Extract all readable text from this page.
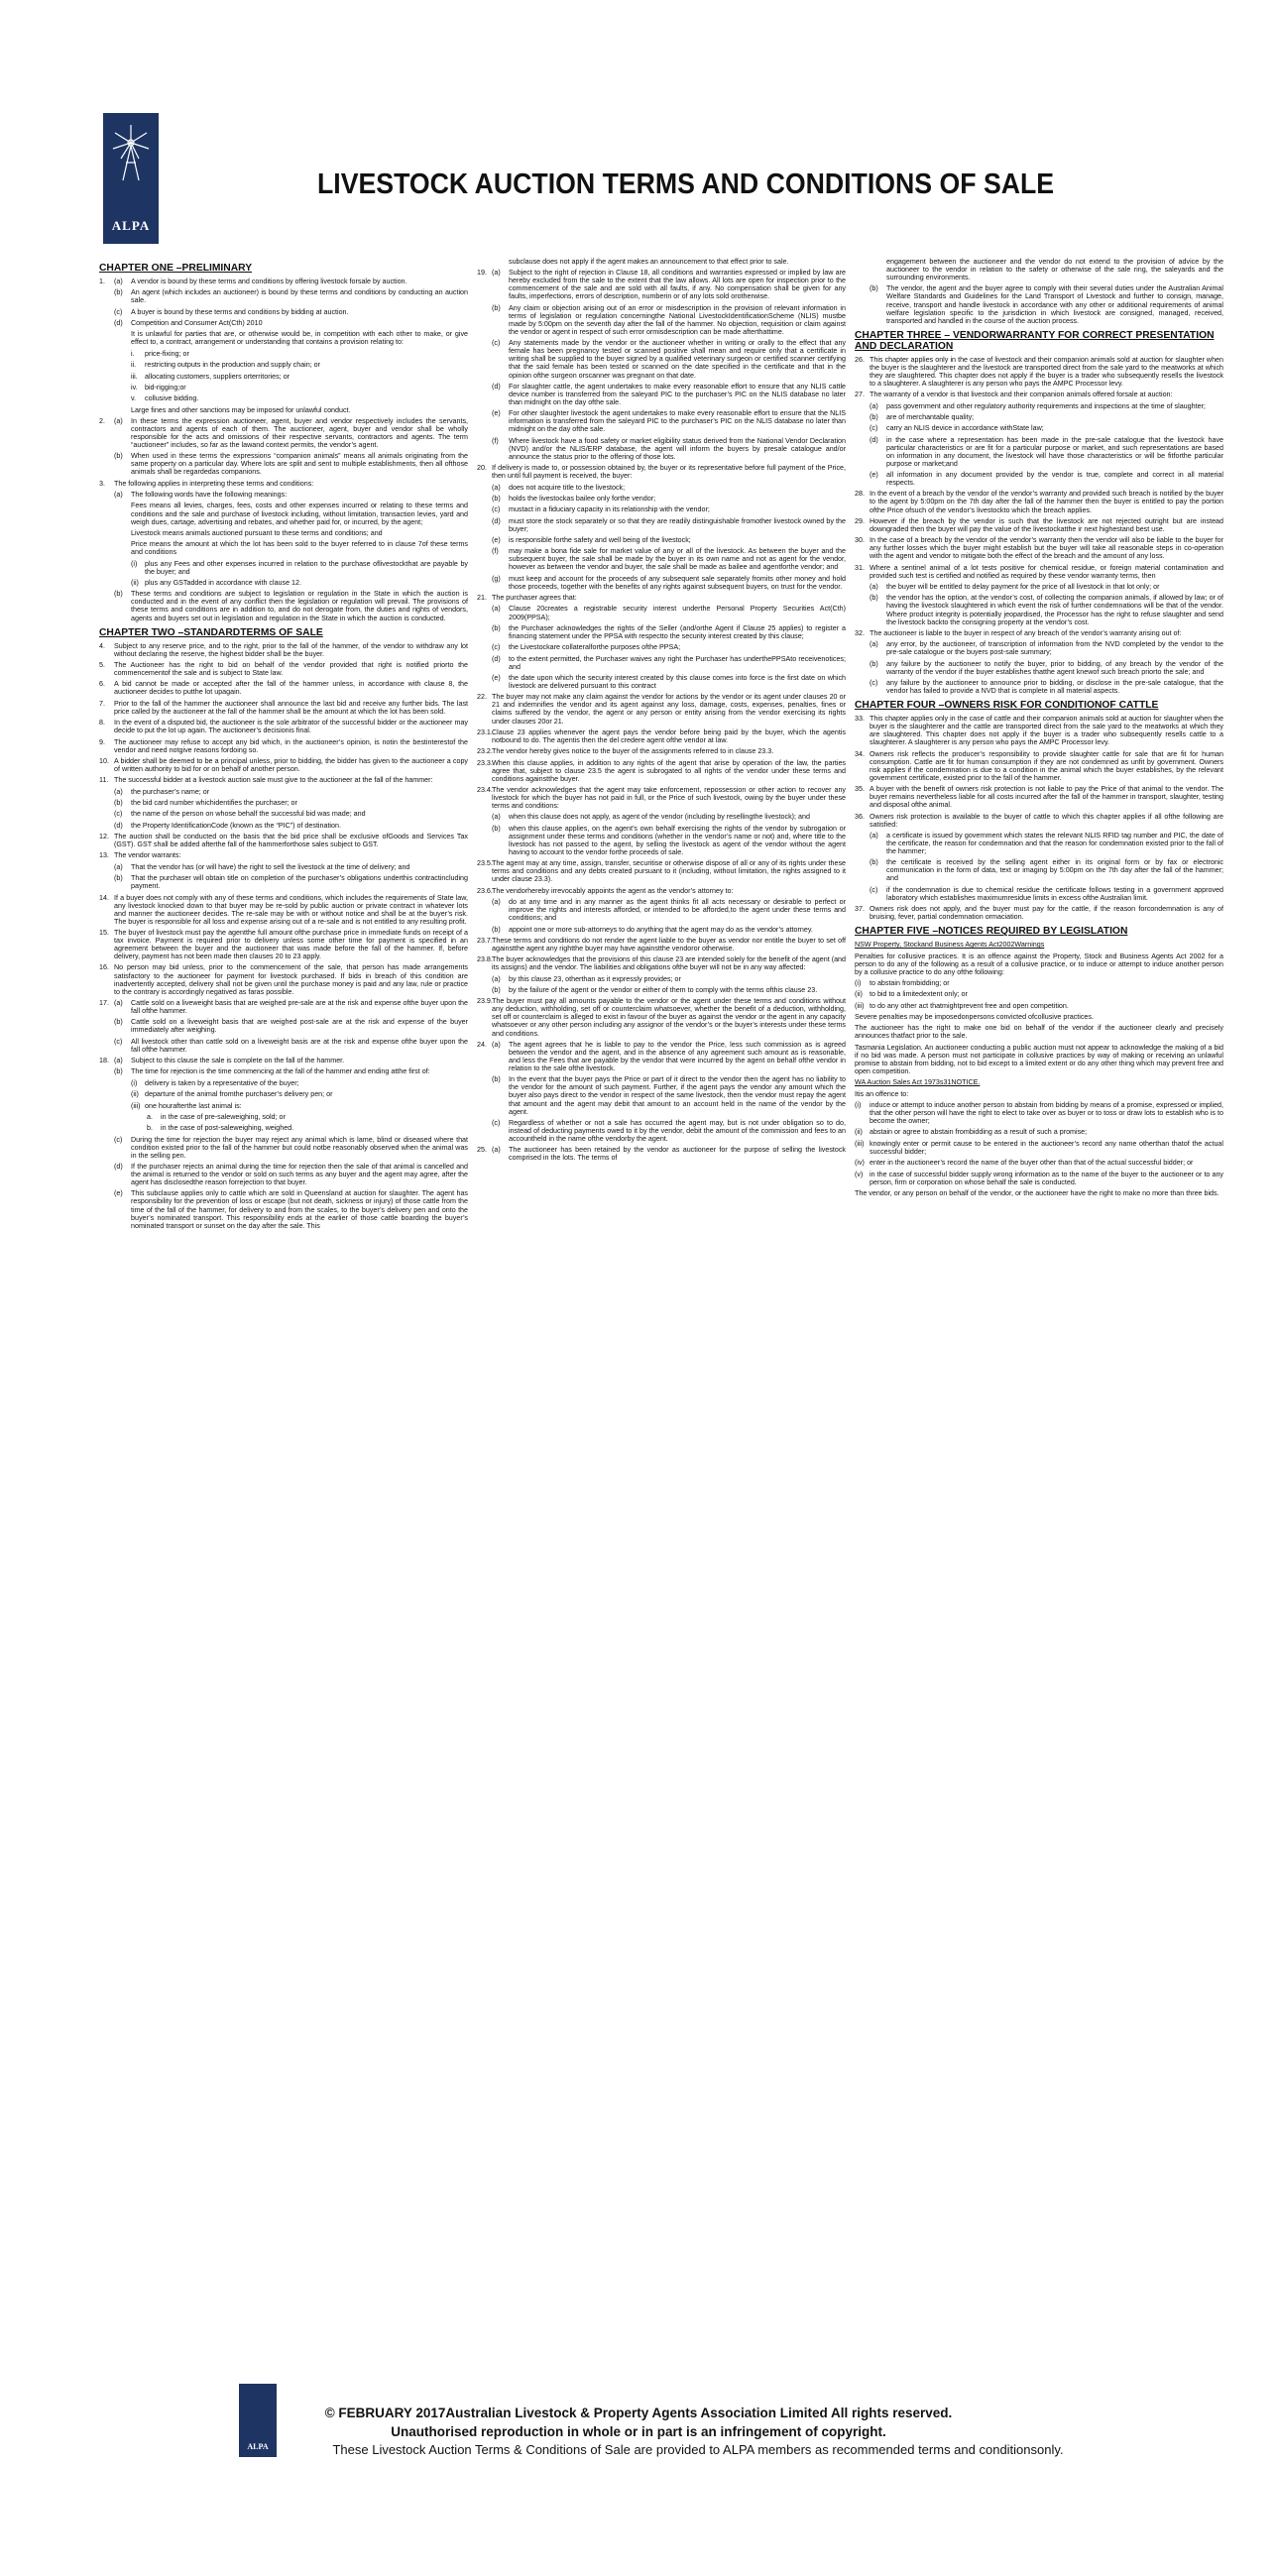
ALPA
LIVESTOCK AUCTION TERMS AND CONDITIONS OF SALE
CHAPTER ONE –PRELIMINARY
1.	(a)	A vendor is bound by these terms and conditions by offering livestock forsale by auction.
(b)	An agent (which includes an auctioneer) is bound by these terms and conditions by conducting an auction sale.
(c)	A buyer is bound by these terms and conditions by bidding at auction.
(d)	Competition and Consumer Act(Cth) 2010
It is unlawful for parties that are, or otherwise would be, in competition with each other to make, or give effect to, a contract, arrangement or understanding that contains a provision relating to:
i.	price-fixing; or
ii.	restricting outputs in the production and supply chain; or
iii.	allocating customers, suppliers orterritories; or
iv.	bid-rigging;or
v.	collusive bidding.
Large fines and other sanctions may be imposed for unlawful conduct.
2.	(a)	In these terms the expression auctioneer, agent, buyer and vendor respectively includes the servants, contractors and agents of each of them. The auctioneer, agent, buyer and vendor shall be wholly responsible for the acts and omissions of their respective servants, contractors and agents. The term “auctioneer” includes, so far as the lawand context permits, the vendor’s agent.
(b)	When used in these terms the expressions “companion animals” means all animals originating from the same property on a particular day. Where lots are split and sent to multiple establishments, then all ofthose animals shall be regardedas companions.
3.	The following applies in interpreting these terms and conditions:
(a)	The following words have the following meanings:
Fees means all levies, charges, fees, costs and other expenses incurred or relating to these terms and conditions and the sale and purchase of livestock including, without limitation, transaction levies, yard and weigh dues, cartage, advertising and rebates, and whether paid for, or incurred, by the agent;
Livestock means animals auctioned pursuant to these terms and conditions; and
Price means the amount at which the lot has been sold to the buyer referred to in clause 7of these terms and conditions
(i)	plus any Fees and other expenses incurred in relation to the purchase oflivestockthat are payable by the buyer; and
(ii) plus any GSTadded in accordance with clause 12.
(b)	These terms and conditions are subject to legislation or regulation in the State in which the auction is conducted and in the event of any conflict then the legislation or regulation will prevail. The provisions of these terms and conditions are in addition to, and do not derogate from, the duties and rights of vendors, agents and buyers set out in legislation and regulation in the State in which the auction is conducted.
CHAPTER TWO –STANDARDTERMS OF SALE
4.	Subject to any reserve price, and to the right, prior to the fall of the hammer, of the vendor to withdraw any lot without declaring the reserve, the highest bidder shall be the buyer.
5.	The Auctioneer has the right to bid on behalf of the vendor provided that right is notified priorto the commencementof the sale and is subject to State law.
6.	A bid cannot be made or accepted after the fall of the hammer unless, in accordance with clause 8, the auctioneer decides to putthe lot upagain.
7.	Prior to the fall of the hammer the auctioneer shall announce the last bid and receive any further bids. The last price called by the auctioneer at the fall of the hammer shall be the amount at which the lot has been sold.
8.	In the event of a disputed bid, the auctioneer is the sole arbitrator of the successful bidder or the auctioneer may decide to put the lot up again. The auctioneer’s decisionis final.
9.	The auctioneer may refuse to accept any bid which, in the auctioneer’s opinion, is notin the bestinterestof the vendor and need notgive reasons fordoing so.
10. A bidder shall be deemed to be a principal unless, prior to bidding, the bidder has given to the auctioneer a copy of written authority to bid for or on behalf of another person.
11. The successful bidder at a livestock auction sale must give to the auctioneer at the fall of the hammer:
(a)	the purchaser’s name; or
(b)	the bid card number whichidentifies the purchaser; or
(c)	the name of the person on whose behalf the successful bid was made; and
(d)	the Property IdentificationCode (known as the “PIC”) of destination.
12. The auction shall be conducted on the basis that the bid price shall be exclusive ofGoods and Services Tax (GST). GST shall be added afterthe fall of the hammerforthose sales subject to GST.
13. The vendor warrants:
(a)	That the vendor has (or will have) the right to sell the livestock at the time of delivery; and
(b)	That the purchaser will obtain title on completion of the purchaser’s obligations underthis contractincluding payment.
14. If a buyer does not comply with any of these terms and conditions, which includes the requirements of State law, any livestock knocked down to that buyer may be re-sold by public auction or private contract in whatever lots and manner the auctioneer decides. The re-sale may be with or without notice and shall be at the buyer’s risk. The buyer is responsible for all loss and expense arising out of a re-sale and is not entitled to any resulting profit.
15. The buyer of livestock must pay the agentthe full amount ofthe purchase price in immediate funds on receipt of a tax invoice. Payment is required prior to delivery unless some other time for payment is specified in an agreement between the buyer and the auctioneer that was made before the fall of the hammer. If, before delivery, payment has not been made then clauses 20 to 23 apply.
16. No person may bid unless, prior to the commencement of the sale, that person has made arrangements satisfactory to the auctioneer for payment for livestock purchased. If bids in breach of this condition are inadvertently accepted, delivery shall not be given until the purchase money is paid and any law, rule or practice to the contrary is accordingly negatived as faras possible.
17. (a)	Cattle sold on a liveweight basis that are weighed pre-sale are at the risk and expense ofthe buyer upon the fall ofthe hammer.
(b)	Cattle sold on a liveweight basis that are weighed post-sale are at the risk and expense of the buyer immediately after weighing.
(c)	All livestock other than cattle sold on a liveweight basis are at the risk and expense ofthe buyer upon the fall ofthe hammer.
18. (a)	Subject to this clause the sale is complete on the fall of the hammer.
(b)	The time for rejection is the time commencing at the fall of the hammer and ending atthe first of:
(i)	delivery is taken by a representative of the buyer;
(ii) departure of the animal fromthe purchaser’s delivery pen; or
(iii) one hourafterthe last animal is:
a.	in the case of pre-saleweighing, sold; or
b.	in the case of post-saleweighing, weighed.
(c)	During the time for rejection the buyer may reject any animal which is lame, blind or diseased where that condition existed prior to the fall of the hammer but could notbe reasonably observed when the animal was in the selling pen.
(d)	If the purchaser rejects an animal during the time for rejection then the sale of that animal is cancelled and the animal is returned to the vendor or sold on such terms as any buyer and the agent may agree, after the agent has disclosedthe reason forrejection to that buyer.
(e)	This subclause applies only to cattle which are sold in Queensland at auction for slaughter. The agent has responsibility for the prevention of loss or escape (but not death, sickness or injury) of those cattle from the time of the fall of the hammer, for delivery to and from the scales, to the buyer’s delivery pen and onto the buyer’s nominated transport. This responsibility ends at the earlier of those cattle boarding the buyer’s nominated transport or sunset on the day after the sale. This
subclause does not apply if the agent makes an announcement to that effect prior to sale.
19. (a)	Subject to the right of rejection in Clause 18, all conditions and warranties expressed or implied by law are hereby excluded from the sale to the extent that the law allows. All lots are open for inspection prior to the commencement of the sale and are sold with all faults, if any. No compensation shall be given for any faults, imperfections, errors of description, numberin or of any lots sold orotherwise.
(b)	Any claim or objection arising out of an error or misdescription in the provision of relevant information in terms of legislation or regulation concerningthe National LivestockIdentificationScheme (NLIS) mustbe made by 5:00pm on the seventh day after the fall of the hammer. No objection, requisition or claim against the vendor or agent in respect of such error ormisdescription can be made afterthattime.
(c)	Any statements made by the vendor or the auctioneer whether in writing or orally to the effect that any female has been pregnancy tested or scanned positive shall mean and require only that a certificate in writing shall be supplied to the buyer signed by a qualified veterinary surgeon or certified scanner certifying that the said female has been tested or scanned on the date specified in the certificate and that in the opinion ofthe surgeon orscanner was pregnant on that date.
(d)	For slaughter cattle, the agent undertakes to make every reasonable effort to ensure that any NLIS cattle device number is transferred from the saleyard PIC to the purchaser’s PIC on the NLIS database no later than midnight on the day ofthe sale.
(e)	For other slaughter livestock the agent undertakes to make every reasonable effort to ensure that the NLIS information is transferred from the saleyard PIC to the purchaser’s PIC on the NLIS database no later than midnight on the day ofthe sale.
(f)	Where livestock have a food safety or market eligibility status derived from the National Vendor Declaration (NVD) and/or the NLIS/ERP database, the agent will inform the buyers by presale catalogue and/or announce the status prior to the offering of those lots.
20. If delivery is made to, or possession obtained by, the buyer or its representative before full payment of the Price, then until full payment is received, the buyer:
(a)	does not acquire title to the livestock;
(b)	holds the livestockas bailee only forthe vendor;
(c)	mustact in a fiduciary capacity in its relationship with the vendor;
(d)	must store the stock separately or so that they are readily distinguishable fromother livestock owned by the buyer;
(e)	is responsible forthe safety and well being of the livestock;
(f)	may make a bona fide sale for market value of any or all of the livestock. As between the buyer and the subsequent buyer, the sale shall be made by the buyer in its own name and not as agent for the vendor, however as between the vendor and buyer, the sale shall be made as bailee and agentforthe vendor; and
(g)	must keep and account for the proceeds of any subsequent sale separately fromits other money and hold those proceeds, together with the benefits of any rights against subsequent buyers, on trust for the vendor.
21. The purchaser agrees that:
(a)	Clause 20creates a registrable security interest underthe Personal Property Securities Act(Cth) 2009(PPSA);
(b)	the Purchaser acknowledges the rights of the Seller (and/orthe Agent if Clause 25 applies) to register a financing statement under the PPSA with respectto the security interest created by this clause;
(c)	the Livestockare collateralforthe purposes ofthe PPSA;
(d)	to the extent permitted, the Purchaser waives any right the Purchaser has underthePPSAto receivenotices; and
(e)	the date upon which the security interest created by this clause comes into force is the first date on which livestock are delivered pursuant to this contract
22. The buyer may not make any claim against the vendor for actions by the vendor or its agent under clauses 20 or 21 and indemnifies the vendor and its agent against any loss, damage, costs, expenses, penalties, fines or claims suffered by the vendor, the agent or any person or entity arising from the vendor exercising its rights under clauses 20or 21.
23.1. Clause 23 applies whenever the agent pays the vendor before being paid by the buyer, which the agentis notbound to do. The agentis then the del credere agent ofthe vendor at law.
23.2. The vendor hereby gives notice to the buyer of the assignments referred to in clause 23.3.
23.3. When this clause applies, in addition to any rights of the agent that arise by operation of the law, the parties agree that, subject to clause 23.5 the agent is subrogated to all rights of the vendor under these terms and conditions againstthe buyer.
23.4. The vendor acknowledges that the agent may take enforcement, repossession or other action to recover any livestock for which the buyer has not paid in full, or the Price of such livestock, owing by the buyer under these terms and conditions:
(a)	when this clause does not apply, as agent of the vendor (including by resellingthe livestock); and
(b)	when this clause applies, on the agent’s own behalf exercising the rights of the vendor by subrogation or assignment under these terms and conditions (whether in the vendor’s name or not) and, where title to the livestock has not passed to the agent, by selling the livestock as agent of the vendor without the agent having to account to the vendor forthe proceeds of sale.
23.5. The agent may at any time, assign, transfer, securitise or otherwise dispose of all or any of its rights under these terms and conditions and any debts created pursuant to it (including, without limitation, the rights assigned to it under clause 23.3).
23.6. The vendorhereby irrevocably appoints the agent as the vendor’s attorney to:
(a)	do at any time and in any manner as the agent thinks fit all acts necessary or desirable to perfect or improve the rights and interests afforded, or intended to be afforded,to the agent under these terms and conditions; and
(b)	appoint one or more sub-attorneys to do anything that the agent may do as the vendor’s attorney.
23.7. These terms and conditions do not render the agent liable to the buyer as vendor nor entitle the buyer to set off againstthe agent any rightthe buyer may have againstthe vendoror otherwise.
23.8. The buyer acknowledges that the provisions of this clause 23 are intended solely for the benefit of the agent (and its assigns) and the vendor. The liabilities and obligations ofthe buyer will not be in any way affected:
(a)	by this clause 23, otherthan as it expressly provides; or
(b)	by the failure of the agent or the vendor or either of them to comply with the terms ofthis clause 23.
23.9. The buyer must pay all amounts payable to the vendor or the agent under these terms and conditions without any deduction, withholding, set off or counterclaim whatsoever, whether the benefit of a deduction, withholding, set off or counterclaim is alleged to exist in favour of the buyer as against the vendor or the agent in any capacity whatsoever or any other person including any assignor of the vendor’s or the buyer’s interests under these terms and conditions.
24. (a)	The agent agrees that he is liable to pay to the vendor the Price, less such commission as is agreed between the vendor and the agent, and in the absence of any agreement such amount as is reasonable, and less the Fees that are payable by the vendor that were incurred by the agent on behalf ofthe vendor in relation to the sale ofthe livestock.
(b)	In the event that the buyer pays the Price or part of it direct to the vendor then the agent has no liability to the vendor for the amount of such payment. Further, if the agent pays the vendor any amount which the buyer also pays direct to the vendor in respect of the same livestock, then the vendor must repay the agent that amount and the agent may debit that amount to an account held in the name of the vendor by the agent.
(c)	Regardless of whether or not a sale has occurred the agent may, but is not under obligation so to do, instead of deducting payments owed to it by the vendor, debit the amount of the commission and fees to an accountheld in the name ofthe vendorby the agent.
25. (a)	The auctioneer has been retained by the vendor as auctioneer for the purpose of selling the livestock comprised in the lots. The terms of
engagement between the auctioneer and the vendor do not extend to the provision of advice by the auctioneer to the vendor in relation to the safety or otherwise of the sale ring, the saleyards and the surrounding environments.
(b)	The vendor, the agent and the buyer agree to comply with their several duties under the Australian Animal Welfare Standards and Guidelines for the Land Transport of Livestock and further to consign, manage, receive, transport and handle livestock in accordance with any other or additional requirements of animal welfare legislation specific to the jurisdiction in which livestock are consigned, managed, received, transported and handled in the course of the auction process.
CHAPTER THREE – VENDORWARRANTY FOR CORRECT PRESENTATION AND DECLARATION
26. This chapter applies only in the case of livestock and their companion animals sold at auction for slaughter when the buyer is the slaughterer and the livestock are transported direct from the sale yard to the meatworks at which they are slaughtered. This chapter does not apply if the buyer is a trader who subsequently resells the livestock to a slaughterer. A slaughterer is any person who pays the AMPC Processor levy.
27. The warranty of a vendor is that livestock and their companion animals offered forsale at auction:
(a)	pass government and other regulatory authority requirements and inspections at the time of slaughter;
(b)	are of merchantable quality;
(c)	carry an NLIS device in accordance withState law;
(d)	in the case where a representation has been made in the pre-sale catalogue that the livestock have particular characteristics or are fit for a particular purpose or market, and such representations are based on information in any document, the livestock will have those characteristics or will be fitforthe particular purpose or market;and
(e)	all information in any document provided by the vendor is true, complete and correct in all material respects.
28. In the event of a breach by the vendor of the vendor’s warranty and provided such breach is notified by the buyer to the agent by 5:00pm on the 7th day after the fall of the hammer then the buyer is entitled to pay the portion ofthe Price ofsuch of the vendor’s livestockto which the breach applies.
29. However if the breach by the vendor is such that the livestock are not rejected outright but are instead downgraded then the buyer will pay the value of the livestockatthe ir next highestand best use.
30. In the case of a breach by the vendor of the vendor’s warranty then the vendor will also be liable to the buyer for any further losses which the buyer might establish but the buyer will take all reasonable steps in co-operation with the agent and vendor to mitigate both the effect of the breach and the amount of any loss.
31. Where a sentinel animal of a lot tests positive for chemical residue, or foreign material contamination and provided such test is certified and notified as required by these vendor warranty terms, then
(a)	the buyer will be entitled to delay payment for the price of all livestock in that lot only; or
(b)	the vendor has the option, at the vendor’s cost, of collecting the companion animals, if allowed by law; or of having the livestock slaughtered in which event the risk of further condemnations will be that of the vendor. Where product integrity is potentially jeopardised, the Processor has the right to refuse slaughter and send the livestock backto the consigning property at the vendor’s cost.
32. The auctioneer is liable to the buyer in respect of any breach of the vendor’s warranty arising out of:
(a)	any error, by the auctioneer, of transcription of information from the NVD completed by the vendor to the pre-sale catalogue or the buyers post-sale summary;
(b)	any failure by the auctioneer to notify the buyer, prior to bidding, of any breach by the vendor of the warranty of the vendor if the buyer establishes thatthe agent knewof such breach priorto the sale; and
(c)	any failure by the auctioneer to announce prior to bidding, or disclose in the pre-sale catalogue, that the vendor has failed to provide a NVD that is complete in all material aspects.
CHAPTER FOUR –OWNERS RISK FOR CONDITIONOF CATTLE
33. This chapter applies only in the case of cattle and their companion animals sold at auction for slaughter when the buyer is the slaughterer and the cattle are transported direct from the sale yard to the meatworks at which they are slaughtered. This chapter does not apply if the buyer is a trader who subsequently resells cattle to a slaughterer. A slaughterer is any person who pays the AMPC Processor levy.
34. Owners risk reflects the producer’s responsibility to provide slaughter cattle for sale that are fit for human consumption. Cattle are fit for human consumption if they are not condemned as unfit by government. Owners risk applies if the condemnation is due to a condition in the animal which the buyer establishes, by the relevant government certificate, existed prior to the fall of the hammer.
35. A buyer with the benefit of owners risk protection is not liable to pay the Price of that animal to the vendor. The buyer remains nevertheless liable for all costs incurred after the fall of the hammer in transport, slaughter, testing and disposal ofthe animal.
36. Owners risk protection is available to the buyer of cattle to which this chapter applies if all ofthe following are satisfied:
(a)	a certificate is issued by government which states the relevant NLIS RFID tag number and PIC, the date of the certificate, the reason for condemnation and that the reason for condemnation existed prior to the fall of the hammer;
(b)	the certificate is received by the selling agent either in its original form or by fax or electronic communication in the form of data, text or imaging by 5:00pm on the 7th day after the fall of the hammer; and
(c)	if the condemnation is due to chemical residue the certificate follows testing in a government approved laboratory which establishes maximumresidue limits in excess ofthe Australian limit.
37. Owners risk does not apply, and the buyer must pay for the cattle, if the reason forcondemnation is any of bruising, fever, partial condemnation ormaciation.
CHAPTER FIVE –NOTICES REQUIRED BY LEGISLATION
NSW Property, Stockand Business Agents Act2002Warnings
Penalties for collusive practices. It is an offence against the Property, Stock and Business Agents Act 2002 for a person to do any of the following as a result of a collusive practice, or to induce or attempt to induce another person by a collusive practice to do any ofthe following:
(i)	to abstain frombidding; or
(ii) to bid to a limitedextent only; or
(iii) to do any other act thatmightprevent free and open competition.
Severe penalties may be imposedonpersons convicted ofcollusive practices.
The auctioneer has the right to make one bid on behalf of the vendor if the auctioneer clearly and precisely announces thatfact prior to the sale.
Tasmania Legislation. An auctioneer conducting a public auction must not appear to acknowledge the making of a bid if no bid was made. A person must not participate in collusive practices by way of making or receiving an unlawful promise to abstain from bidding, not to bid except to a limited extent or do any other thing which may prevent free and open competition.
WA Auction Sales Act 1973s31NOTICE.
Itis an offence to:
(i)	induce or attempt to induce another person to abstain from bidding by means of a promise, expressed or implied, that the other person will have the right to elect to take over as buyer or to toss or draw lots to establish who is to become the owner;
(ii) abstain or agree to abstain frombidding as a result of such a promise;
(iii) knowingly enter or permit cause to be entered in the auctioneer’s record any name otherthan thatof the actual successful bidder;
(iv) enter in the auctioneer’s record the name of the buyer other than that of the actual successful bidder; or
(v) in the case of successful bidder supply wrong information as to the name of the buyer to the auctioneer or to any person, firm or corporation on whose behalf the sale is conducted.
The vendor, or any person on behalf of the vendor, or the auctioneer have the right to make no more than three bids.
ALPA
© FEBRUARY 2017Australian Livestock & Property Agents Association Limited All rights reserved.
Unauthorised reproduction in whole or in part is an infringement of copyright.
These Livestock Auction Terms & Conditions of Sale are provided to ALPA members as recommended terms and conditionsonly.
